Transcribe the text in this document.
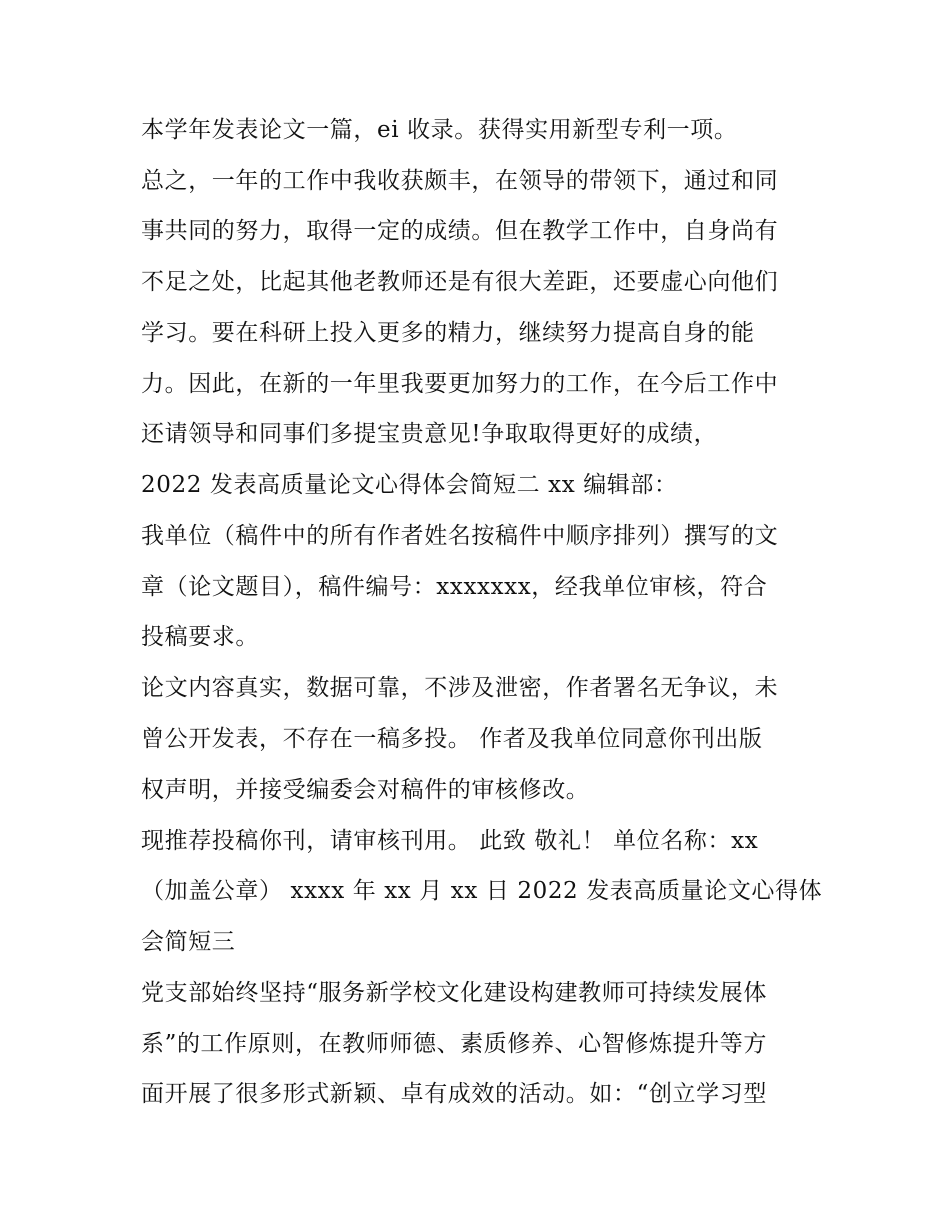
本学年发表论文一篇，ei 收录。获得实用新型专利一项。
总之，一年的工作中我收获颇丰，在领导的带领下，通过和同
事共同的努力，取得一定的成绩。但在教学工作中，自身尚有
不足之处，比起其他老教师还是有很大差距，还要虚心向他们
学习。要在科研上投入更多的精力，继续努力提高自身的能
力。因此，在新的一年里我要更加努力的工作，在今后工作中
还请领导和同事们多提宝贵意见!争取取得更好的成绩，
2022 发表高质量论文心得体会简短二 xx 编辑部：
我单位（稿件中的所有作者姓名按稿件中顺序排列）撰写的文
章（论文题目），稿件编号：xxxxxxx，经我单位审核，符合
投稿要求。
论文内容真实，数据可靠，不涉及泄密，作者署名无争议，未
曾公开发表，不存在一稿多投。 作者及我单位同意你刊出版
权声明，并接受编委会对稿件的审核修改。
现推荐投稿你刊，请审核刊用。 此致 敬礼！ 单位名称：xx
（加盖公章） xxxx 年 xx 月 xx 日 2022 发表高质量论文心得体
会简短三
党支部始终坚持“服务新学校文化建设构建教师可持续发展体
系”的工作原则，在教师师德、素质修养、心智修炼提升等方
面开展了很多形式新颖、卓有成效的活动。如：“创立学习型
